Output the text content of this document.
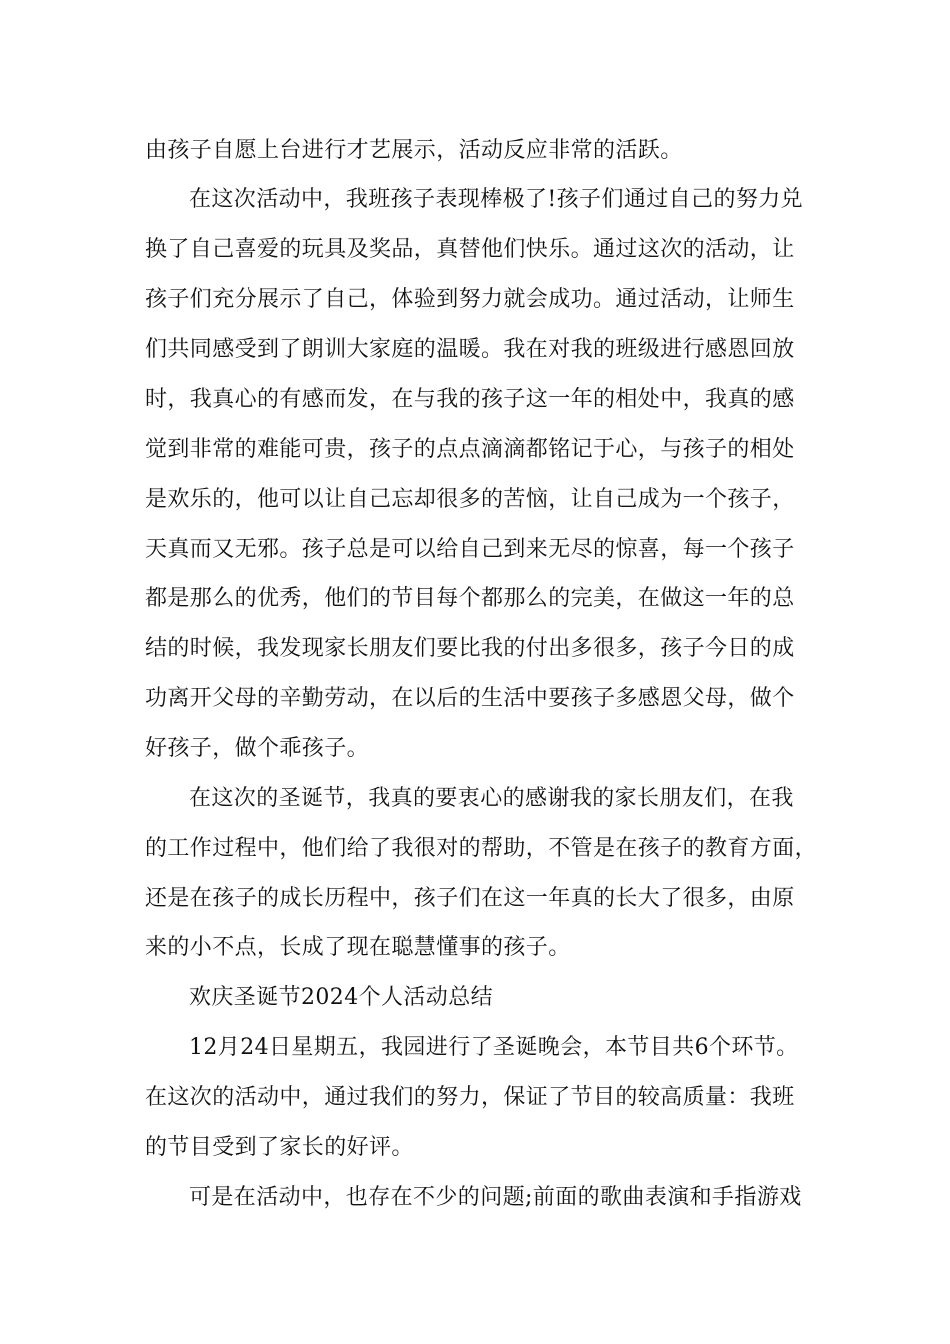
由孩子自愿上台进行才艺展示，活动反应非常的活跃。
在这次活动中，我班孩子表现棒极了!孩子们通过自己的努力兑
换了自己喜爱的玩具及奖品，真替他们快乐。通过这次的活动，让
孩子们充分展示了自己，体验到努力就会成功。通过活动，让师生
们共同感受到了朗训大家庭的温暖。我在对我的班级进行感恩回放
时，我真心的有感而发，在与我的孩子这一年的相处中，我真的感
觉到非常的难能可贵，孩子的点点滴滴都铭记于心，与孩子的相处
是欢乐的，他可以让自己忘却很多的苦恼，让自己成为一个孩子，
天真而又无邪。孩子总是可以给自己到来无尽的惊喜，每一个孩子
都是那么的优秀，他们的节目每个都那么的完美，在做这一年的总
结的时候，我发现家长朋友们要比我的付出多很多，孩子今日的成
功离开父母的辛勤劳动，在以后的生活中要孩子多感恩父母，做个
好孩子，做个乖孩子。
在这次的圣诞节，我真的要衷心的感谢我的家长朋友们，在我
的工作过程中，他们给了我很对的帮助，不管是在孩子的教育方面，
还是在孩子的成长历程中，孩子们在这一年真的长大了很多，由原
来的小不点，长成了现在聪慧懂事的孩子。
欢庆圣诞节2024个人活动总结
12月24日星期五，我园进行了圣诞晚会，本节目共6个环节。
在这次的活动中，通过我们的努力，保证了节目的较高质量：我班
的节目受到了家长的好评。
可是在活动中，也存在不少的问题;前面的歌曲表演和手指游戏
